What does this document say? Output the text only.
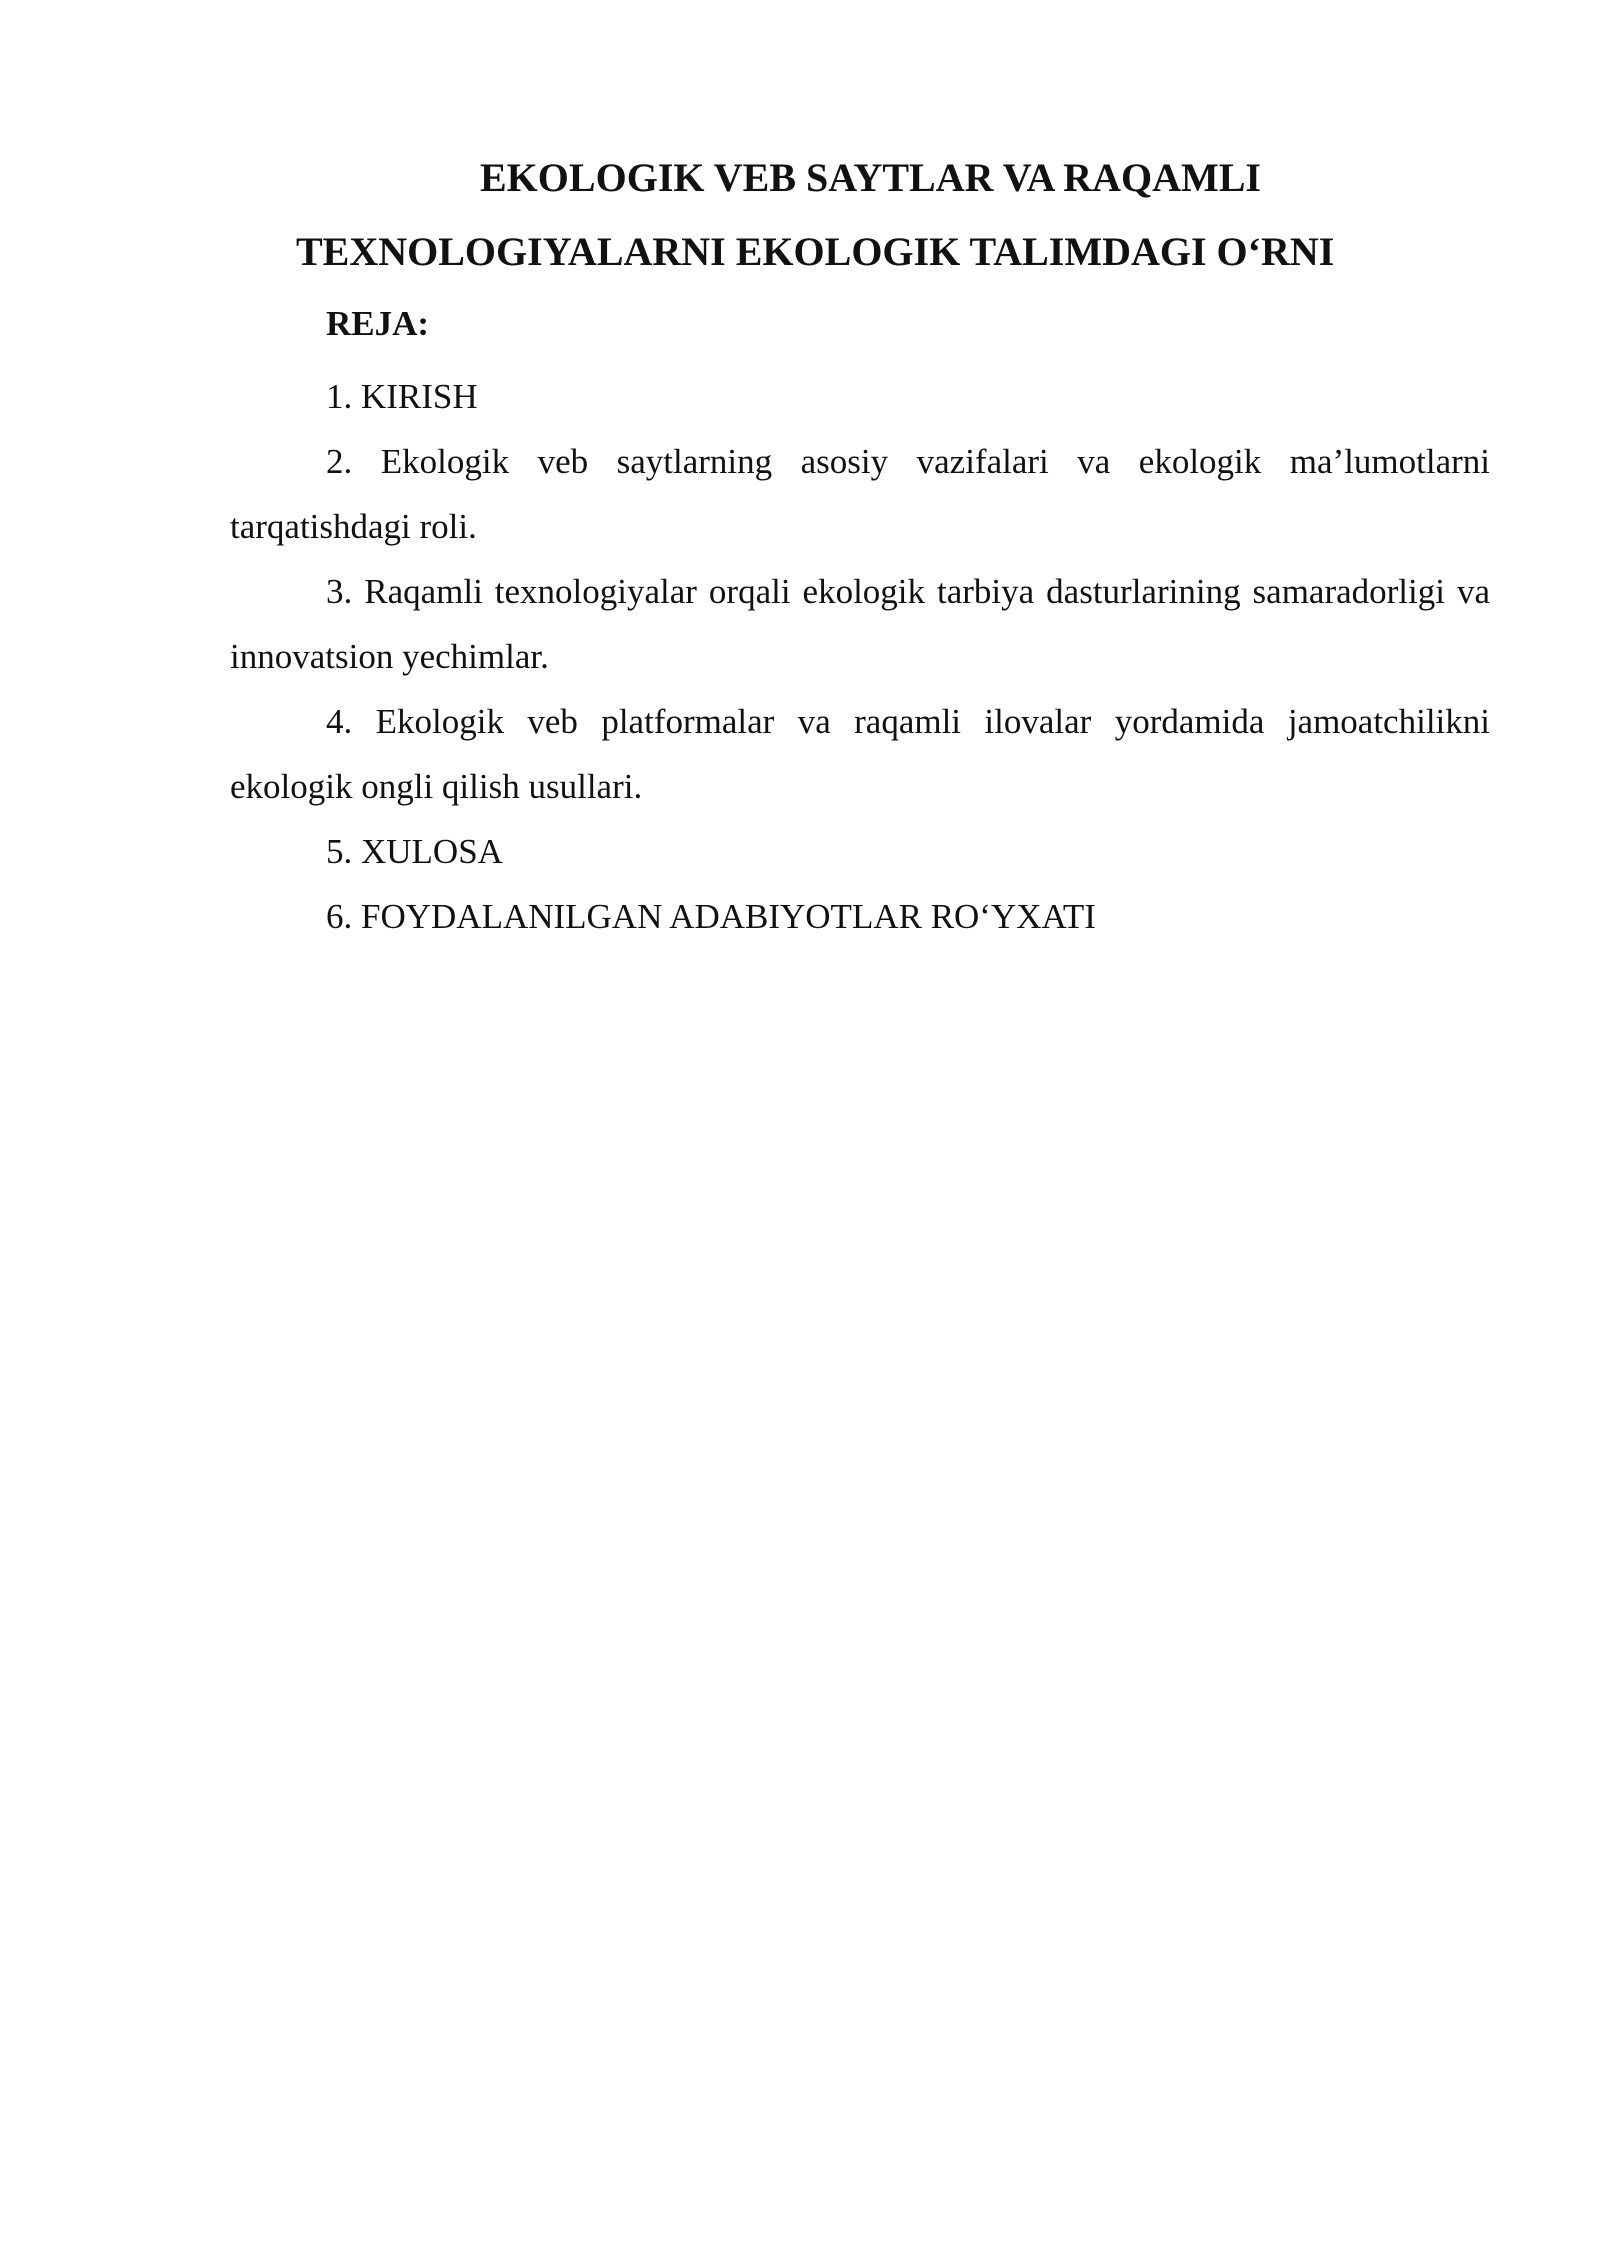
EKOLOGIK VEB SAYTLAR VA RAQAMLI
TEXNOLOGIYALARNI EKOLOGIK TALIMDAGI O‘RNI

REJA:

1. KIRISH
2. Ekologik veb saytlarning asosiy vazifalari va ekologik ma’lumotlarni tarqatishdagi roli.
3. Raqamli texnologiyalar orqali ekologik tarbiya dasturlarining samaradorligi va innovatsion yechimlar.
4. Ekologik veb platformalar va raqamli ilovalar yordamida jamoatchilikni ekologik ongli qilish usullari.
5. XULOSA
6. FOYDALANILGAN ADABIYOTLAR RO‘YXATI
